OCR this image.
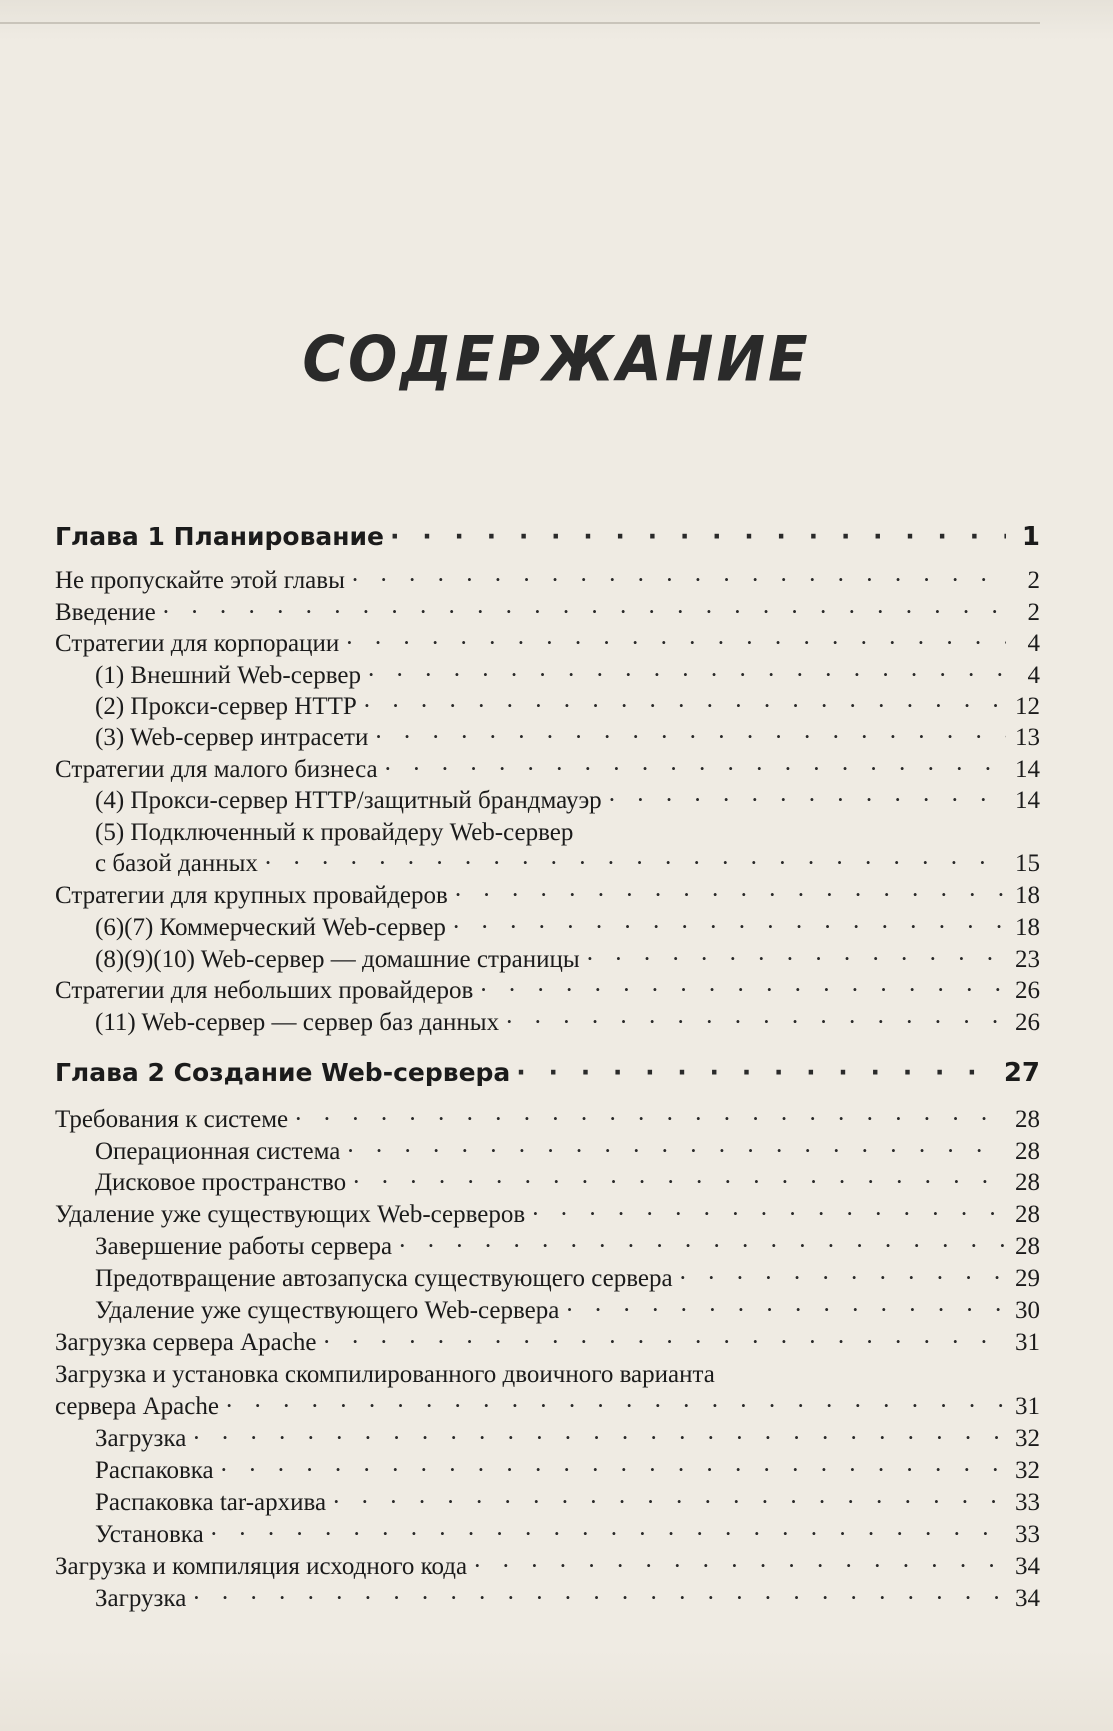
СОДЕРЖАНИЕ
Глава 1 Планирование · · ·	1
Не пропускайте этой главы · · ·	2
Введение · · ·	2
Стратегии для корпорации · · ·	4
(1) Внешний Web-сервер · · ·	4
(2) Прокси-сервер HTTP · · ·	12
(3) Web-сервер интрасети · · ·	13
Стратегии для малого бизнеса · · ·	14
(4) Прокси-сервер HTTP/защитный брандмауэр · · ·	14
(5) Подключенный к провайдеру Web-сервер
с базой данных · · ·	15
Стратегии для крупных провайдеров · · ·	18
(6)(7) Коммерческий Web-сервер · · ·	18
(8)(9)(10) Web-сервер — домашние страницы · · ·	23
Стратегии для небольших провайдеров · · ·	26
(11) Web-сервер — сервер баз данных · · ·	26
Глава 2 Создание Web-сервера · · ·	27
Требования к системе · · ·	28
Операционная система · · ·	28
Дисковое пространство · · ·	28
Удаление уже существующих Web-серверов · · ·	28
Завершение работы сервера · · ·	28
Предотвращение автозапуска существующего сервера · · ·	29
Удаление уже существующего Web-сервера · · ·	30
Загрузка сервера Apache · · ·	31
Загрузка и установка скомпилированного двоичного варианта
сервера Apache · · ·	31
Загрузка · · ·	32
Распаковка · · ·	32
Распаковка tar-архива · · ·	33
Установка · · ·	33
Загрузка и компиляция исходного кода · · ·	34
Загрузка · · ·	34
